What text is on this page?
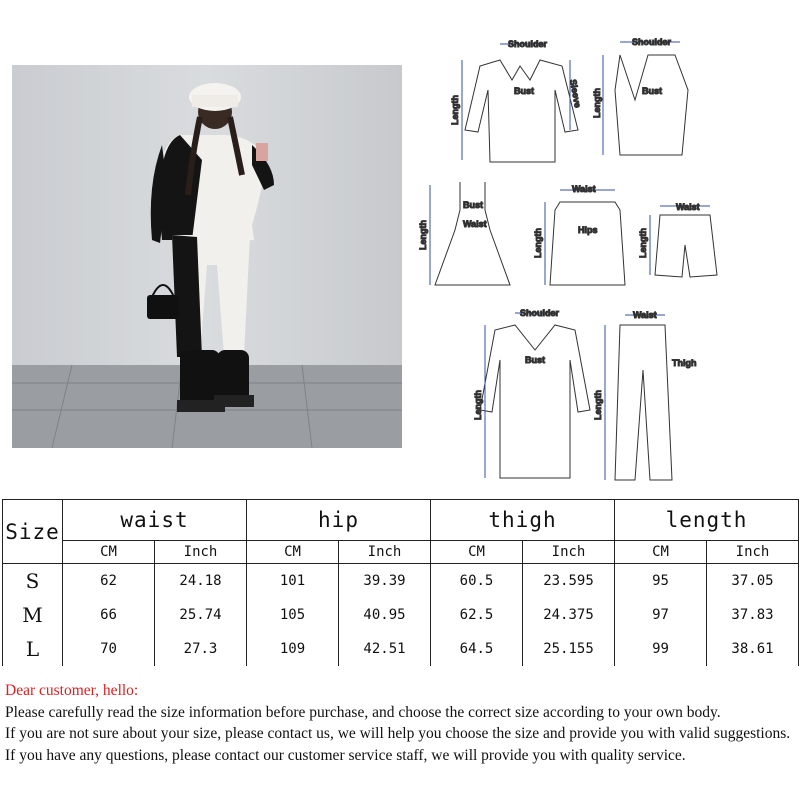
Shoulder
Bust	Sleeve
Length
Shoulder
Bust
Length
Bust
Waist
Length
Waist
Hips
Length
Waist
Length
Shoulder
Bust
Length
Waist
Thigh
Length
Size	waist		hip		thigh		length	
	CM	Inch	CM	Inch	CM	Inch	CM	Inch
S	62	24.18	101	39.39	60.5	23.595	95	37.05
M	66	25.74	105	40.95	62.5	24.375	97	37.83
L	70	27.3	109	42.51	64.5	25.155	99	38.61
Dear customer, hello:
Please carefully read the size information before purchase, and choose the correct size according to your own body.
If you are not sure about your size, please contact us, we will help you choose the size and provide you with valid suggestions.
If you have any questions, please contact our customer service staff, we will provide you with quality service.
